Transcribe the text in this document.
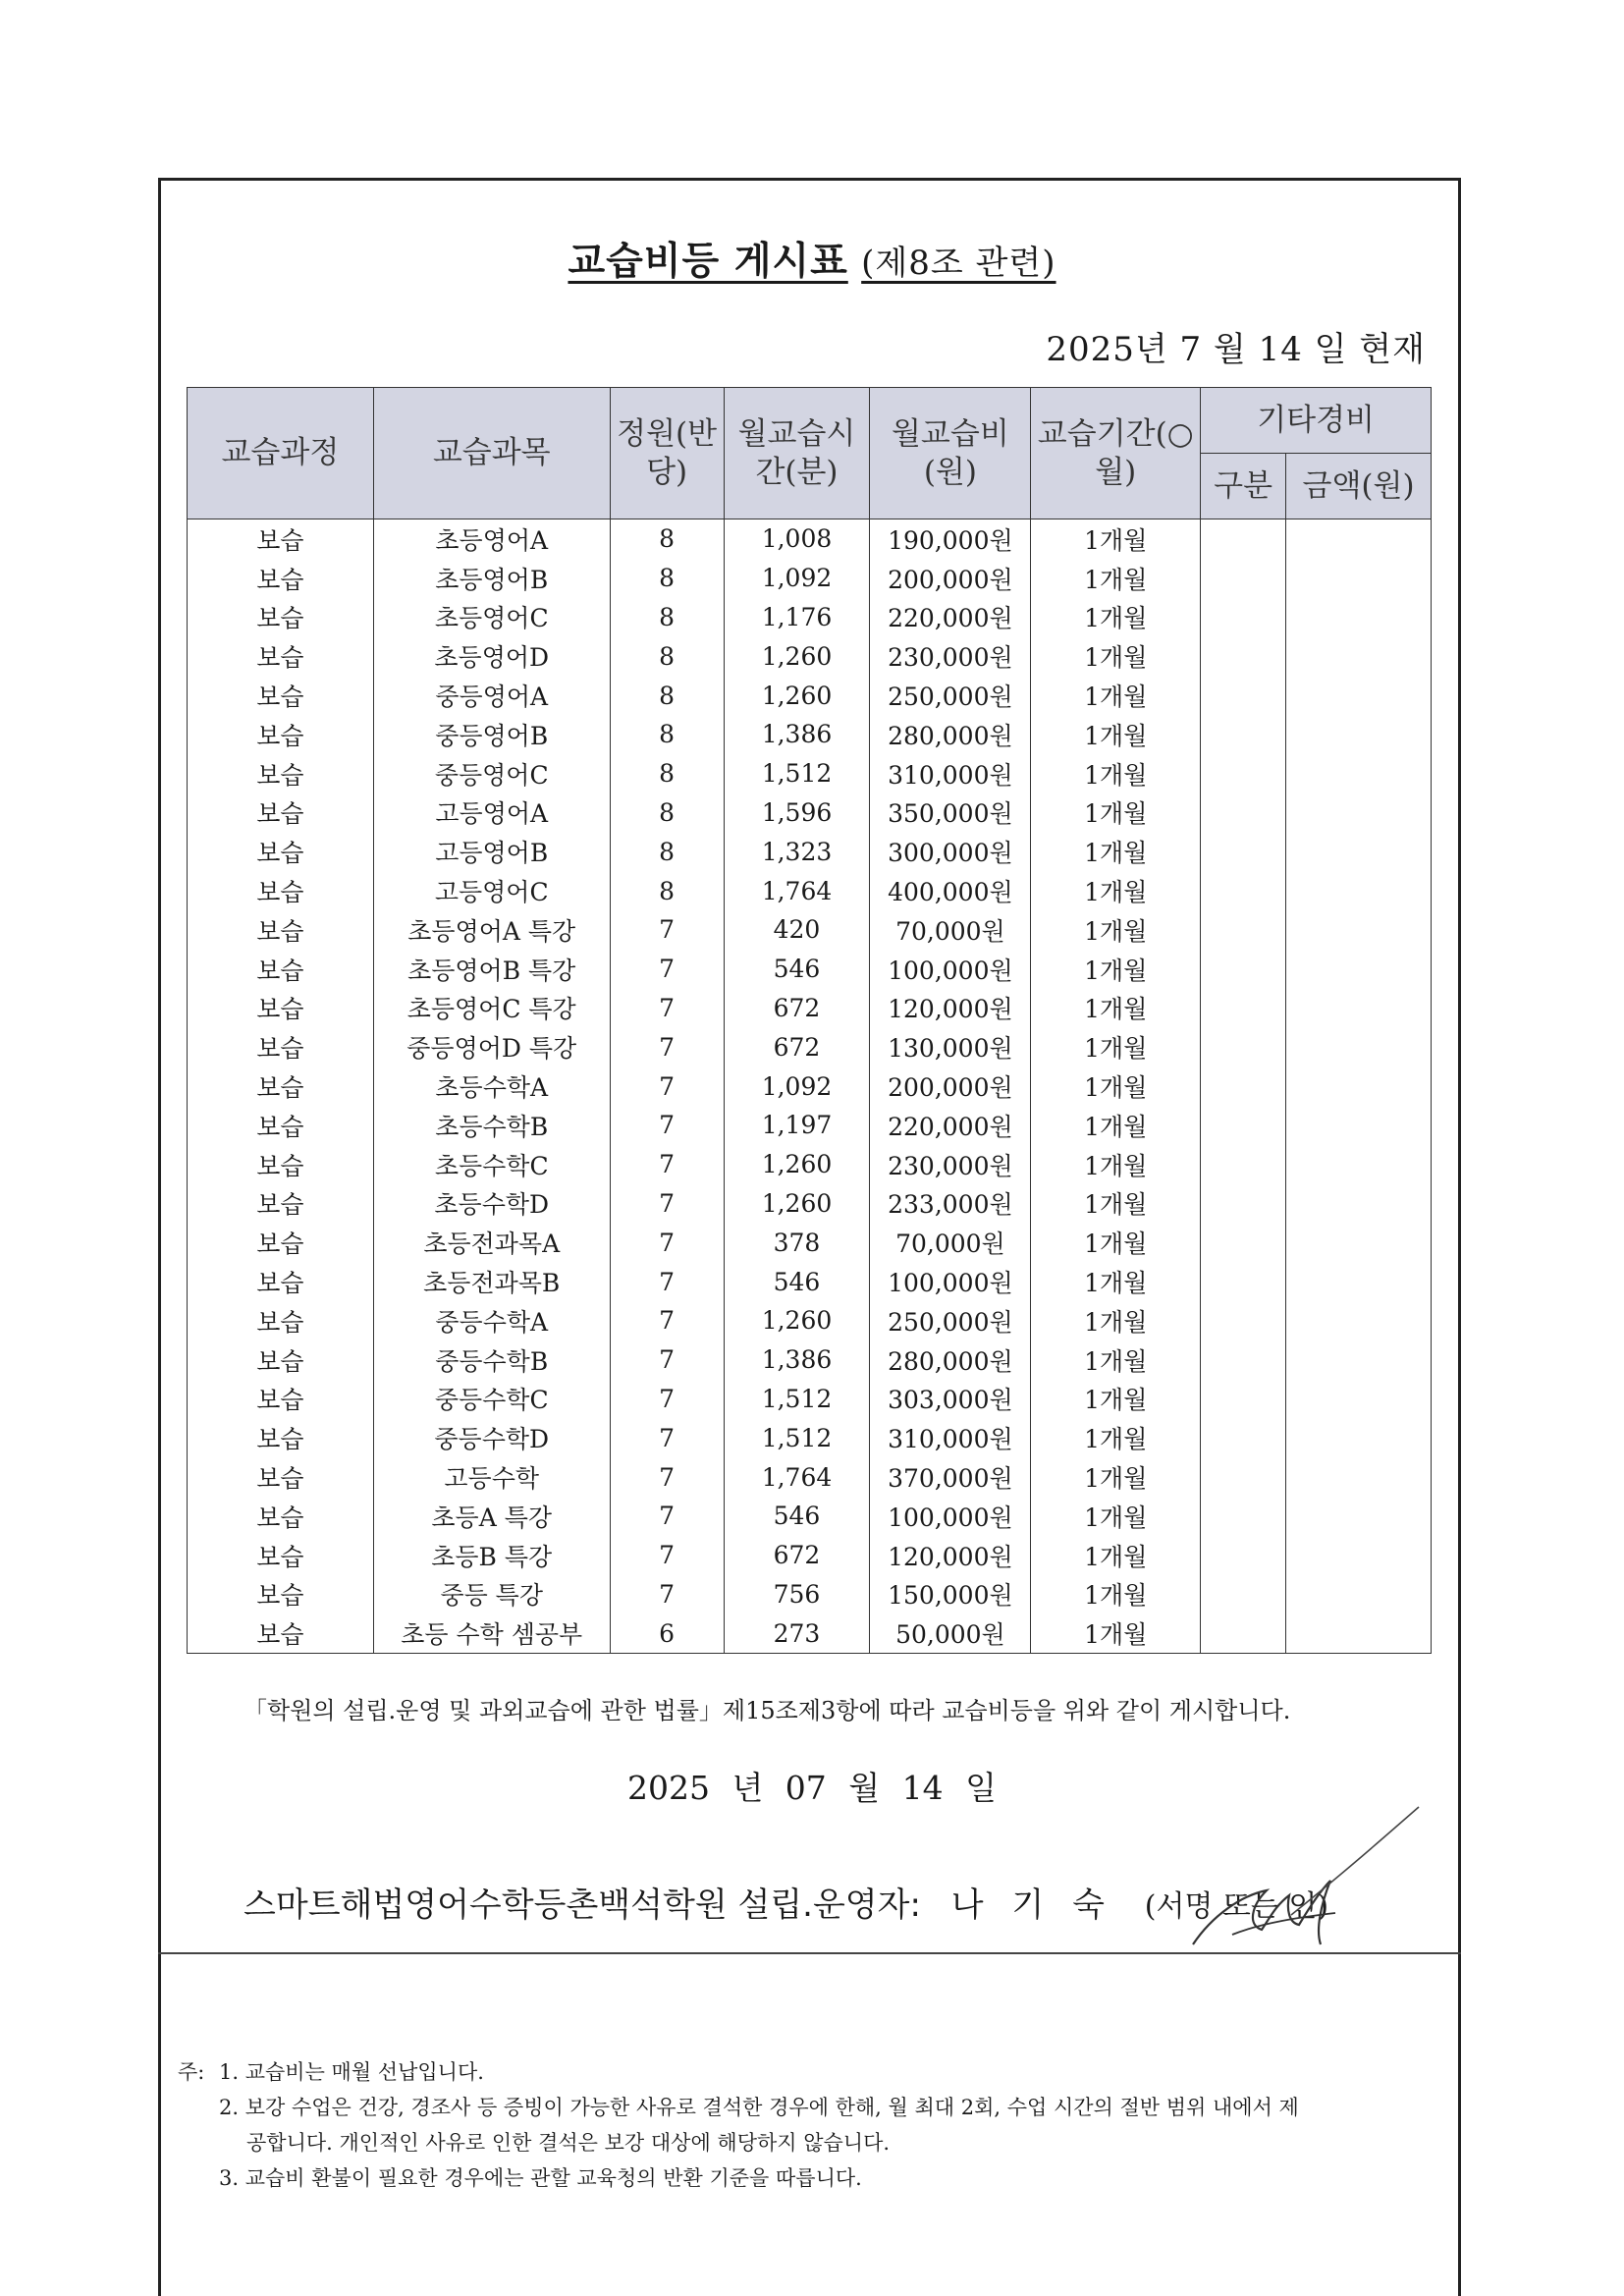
교습비등 게시표 (제8조 관련)
2025년 7 월 14 일 현재
교습과정	교습과목	정원(반당)	월교습시간(분)	월교습비(원)	교습기간(○월)	기타경비	
						구분	금액(원)
보습	초등영어A	8	1,008	190,000원	1개월		
보습	초등영어B	8	1,092	200,000원	1개월		
보습	초등영어C	8	1,176	220,000원	1개월		
보습	초등영어D	8	1,260	230,000원	1개월		
보습	중등영어A	8	1,260	250,000원	1개월		
보습	중등영어B	8	1,386	280,000원	1개월		
보습	중등영어C	8	1,512	310,000원	1개월		
보습	고등영어A	8	1,596	350,000원	1개월		
보습	고등영어B	8	1,323	300,000원	1개월		
보습	고등영어C	8	1,764	400,000원	1개월		
보습	초등영어A 특강	7	420	70,000원	1개월		
보습	초등영어B 특강	7	546	100,000원	1개월		
보습	초등영어C 특강	7	672	120,000원	1개월		
보습	중등영어D 특강	7	672	130,000원	1개월		
보습	초등수학A	7	1,092	200,000원	1개월		
보습	초등수학B	7	1,197	220,000원	1개월		
보습	초등수학C	7	1,260	230,000원	1개월		
보습	초등수학D	7	1,260	233,000원	1개월		
보습	초등전과목A	7	378	70,000원	1개월		
보습	초등전과목B	7	546	100,000원	1개월		
보습	중등수학A	7	1,260	250,000원	1개월		
보습	중등수학B	7	1,386	280,000원	1개월		
보습	중등수학C	7	1,512	303,000원	1개월		
보습	중등수학D	7	1,512	310,000원	1개월		
보습	고등수학	7	1,764	370,000원	1개월		
보습	초등A 특강	7	546	100,000원	1개월		
보습	초등B 특강	7	672	120,000원	1개월		
보습	중등 특강	7	756	150,000원	1개월		
보습	초등 수학 셈공부	6	273	50,000원	1개월		
「학원의 설립.운영 및 과외교습에 관한 법률」제15조제3항에 따라 교습비등을 위와 같이 게시합니다.
2025 년 07 월 14 일
스마트해법영어수학등촌백석학원 설립.운영자: 나 기 숙 (서명 또는 인)
주: 1. 교습비는 매월 선납입니다.
2. 보강 수업은 건강, 경조사 등 증빙이 가능한 사유로 결석한 경우에 한해, 월 최대 2회, 수업 시간의 절반 범위 내에서 제
공합니다. 개인적인 사유로 인한 결석은 보강 대상에 해당하지 않습니다.
3. 교습비 환불이 필요한 경우에는 관할 교육청의 반환 기준을 따릅니다.
